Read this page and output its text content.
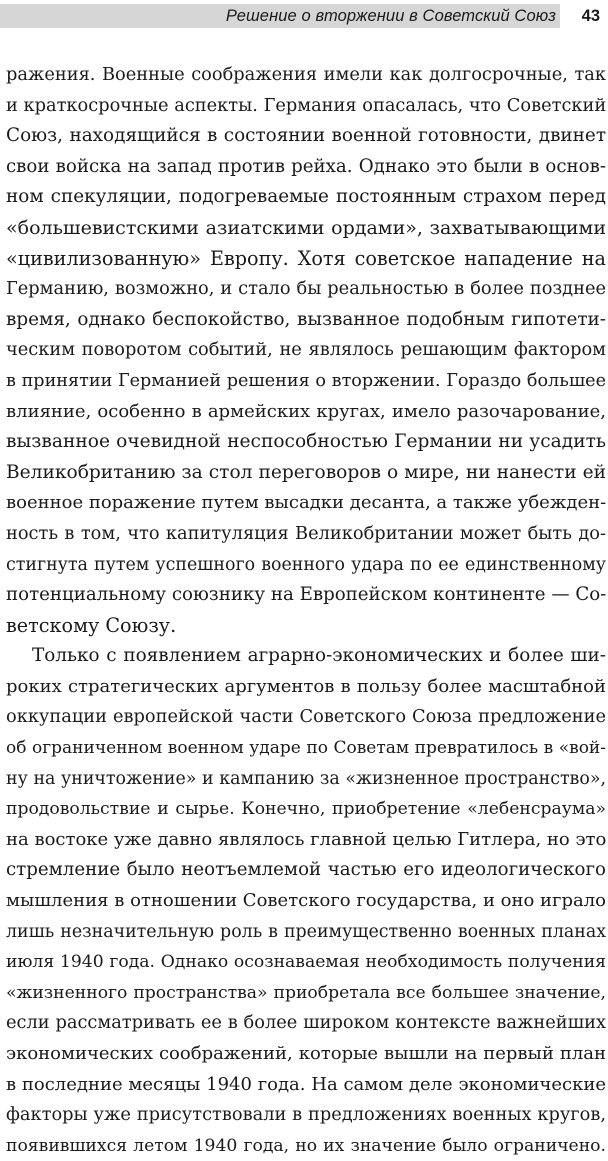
Решение о вторжении в Советский Союз 43
ражения. Военные соображения имели как долгосрочные, так
и краткосрочные аспекты. Германия опасалась, что Советский
Союз, находящийся в состоянии военной готовности, двинет
свои войска на запад против рейха. Однако это были в основ-
ном спекуляции, подогреваемые постоянным страхом перед
«большевистскими азиатскими ордами», захватывающими
«цивилизованную» Европу. Хотя советское нападение на
Германию, возможно, и стало бы реальностью в более позднее
время, однако беспокойство, вызванное подобным гипотети-
ческим поворотом событий, не являлось решающим фактором
в принятии Германией решения о вторжении. Гораздо большее
влияние, особенно в армейских кругах, имело разочарование,
вызванное очевидной неспособностью Германии ни усадить
Великобританию за стол переговоров о мире, ни нанести ей
военное поражение путем высадки десанта, а также убежден-
ность в том, что капитуляция Великобритании может быть до-
стигнута путем успешного военного удара по ее единственному
потенциальному союзнику на Европейском континенте — Со-
ветскому Союзу.
Только с появлением аграрно-экономических и более ши-
роких стратегических аргументов в пользу более масштабной
оккупации европейской части Советского Союза предложение
об ограниченном военном ударе по Советам превратилось в «вой-
ну на уничтожение» и кампанию за «жизненное пространство»,
продовольствие и сырье. Конечно, приобретение «лебенсраума»
на востоке уже давно являлось главной целью Гитлера, но это
стремление было неотъемлемой частью его идеологического
мышления в отношении Советского государства, и оно играло
лишь незначительную роль в преимущественно военных планах
июля 1940 года. Однако осознаваемая необходимость получения
«жизненного пространства» приобретала все большее значение,
если рассматривать ее в более широком контексте важнейших
экономических соображений, которые вышли на первый план
в последние месяцы 1940 года. На самом деле экономические
факторы уже присутствовали в предложениях военных кругов,
появившихся летом 1940 года, но их значение было ограничено.
